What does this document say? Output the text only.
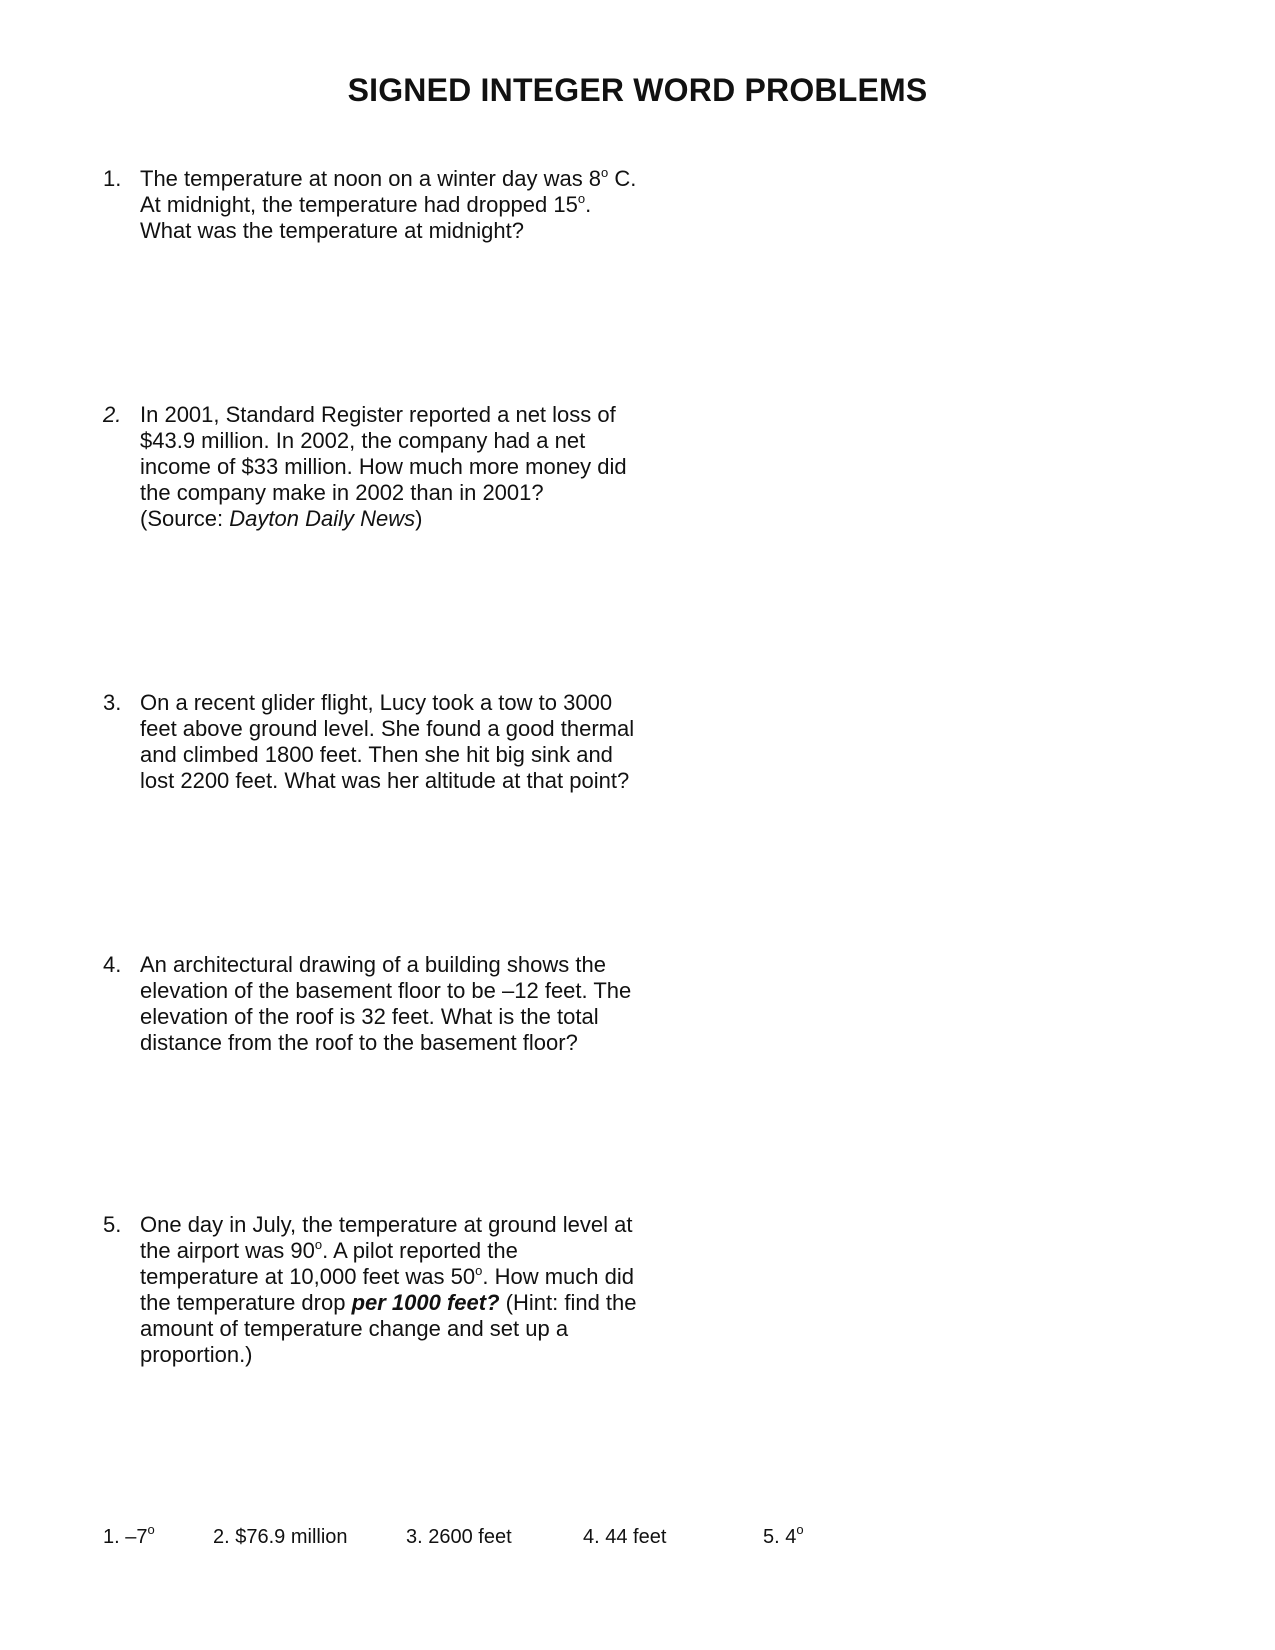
SIGNED INTEGER WORD PROBLEMS
1. The temperature at noon on a winter day was 8$^o$ C.
At midnight, the temperature had dropped 15$^o$.
What was the temperature at midnight?
2. In 2001, Standard Register reported a net loss of
$43.9 million. In 2002, the company had a net
income of $33 million. How much more money did
the company make in 2002 than in 2001?
(Source: Dayton Daily News)
3. On a recent glider flight, Lucy took a tow to 3000
feet above ground level. She found a good thermal
and climbed 1800 feet. Then she hit big sink and
lost 2200 feet. What was her altitude at that point?
4. An architectural drawing of a building shows the
elevation of the basement floor to be –12 feet. The
elevation of the roof is 32 feet. What is the total
distance from the roof to the basement floor?
5. One day in July, the temperature at ground level at
the airport was 90$^o$. A pilot reported the
temperature at 10,000 feet was 50$^o$. How much did
the temperature drop per 1000 feet? (Hint: find the
amount of temperature change and set up a
proportion.)
1. –7$^o$	2. $76.9 million	3. 2600 feet	4. 44 feet	5. 4$^o$
